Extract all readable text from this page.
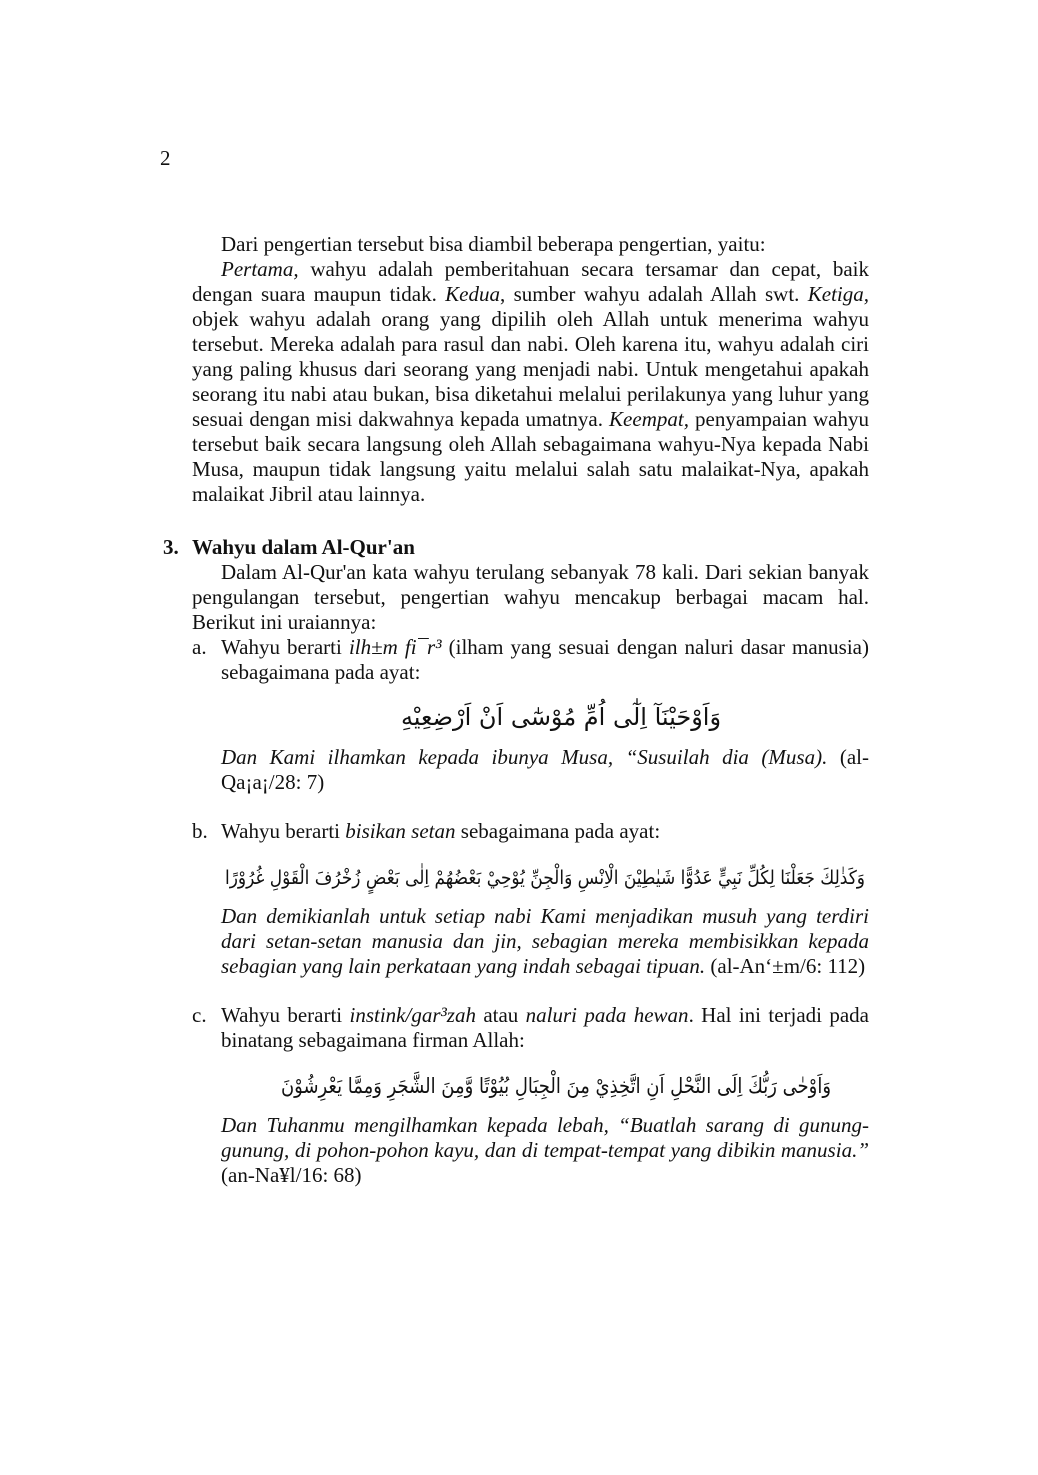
2

Dari pengertian tersebut bisa diambil beberapa pengertian, yaitu:

Pertama, wahyu adalah pemberitahuan secara tersamar dan cepat, baik dengan suara maupun tidak. Kedua, sumber wahyu adalah Allah swt. Ketiga, objek wahyu adalah orang yang dipilih oleh Allah untuk menerima wahyu tersebut. Mereka adalah para rasul dan nabi. Oleh karena itu, wahyu adalah ciri yang paling khusus dari seorang yang menjadi nabi. Untuk mengetahui apakah seorang itu nabi atau bukan, bisa diketahui melalui perilakunya yang luhur yang sesuai dengan misi dakwahnya kepada umatnya. Keempat, penyampaian wahyu tersebut baik secara langsung oleh Allah sebagaimana wahyu-Nya kepada Nabi Musa, maupun tidak langsung yaitu melalui salah satu malaikat-Nya, apakah malaikat Jibril atau lainnya.

3. Wahyu dalam Al-Qur'an

Dalam Al-Qur'an kata wahyu terulang sebanyak 78 kali. Dari sekian banyak pengulangan tersebut, pengertian wahyu mencakup berbagai macam hal. Berikut ini uraiannya:

a. Wahyu berarti ilh±m fi¯r³ (ilham yang sesuai dengan naluri dasar manusia) sebagaimana pada ayat:

وَاَوْحَيْنَآ اِلٰٓى اُمِّ مُوْسٰٓى اَنْ اَرْضِعِيْهِ

Dan Kami ilhamkan kepada ibunya Musa, “Susuilah dia (Musa). (al-Qa¡a¡/28: 7)

b. Wahyu berarti bisikan setan sebagaimana pada ayat:

وَكَذٰلِكَ جَعَلْنَا لِكُلِّ نَبِيٍّ عَدُوًّا شَيٰطِيْنَ الْاِنْسِ وَالْجِنِّ يُوْحِيْ بَعْضُهُمْ اِلٰى بَعْضٍ زُخْرُفَ الْقَوْلِ غُرُوْرًا

Dan demikianlah untuk setiap nabi Kami menjadikan musuh yang terdiri dari setan-setan manusia dan jin, sebagian mereka membisikkan kepada sebagian yang lain perkataan yang indah sebagai tipuan. (al-An‘±m/6: 112)

c. Wahyu berarti instink/gar³zah atau naluri pada hewan. Hal ini terjadi pada binatang sebagaimana firman Allah:

وَاَوْحٰى رَبُّكَ اِلَى النَّحْلِ اَنِ اتَّخِذِيْ مِنَ الْجِبَالِ بُيُوْتًا وَّمِنَ الشَّجَرِ وَمِمَّا يَعْرِشُوْنَ

Dan Tuhanmu mengilhamkan kepada lebah, “Buatlah sarang di gunung-gunung, di pohon-pohon kayu, dan di tempat-tempat yang dibikin manusia.” (an-Na¥l/16: 68)
